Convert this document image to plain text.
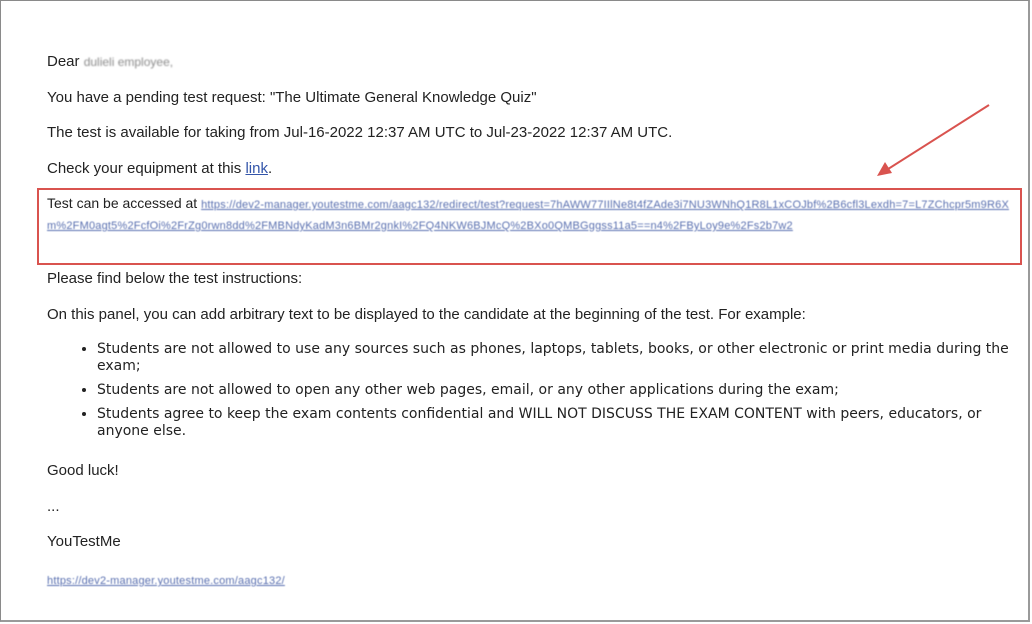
Dear dulieli employee,

You have a pending test request: "The Ultimate General Knowledge Quiz"

The test is available for taking from Jul-16-2022 12:37 AM UTC to Jul-23-2022 12:37 AM UTC.

Check your equipment at this link.

Test can be accessed at https://dev2-manager.youtestme.com/aagc132/redirect/test?request=7hAWW77IIlNe8t4fZAde3i7NU3WNhQ1R8L1xCOJbf%2B6cfl3Lexdh=7=L7ZChcpr5m9R6Xm%2FM0agt5%2FcfOi%2FrZg0rwn8dd%2FMBNdyKadM3n6BMr2gnkI%2FQ4NKW6BJMcQ%2BXo0QMBGggss11a5==n4%2FByLoy9e%2Fs2b7w2

Please find below the test instructions:

On this panel, you can add arbitrary text to be displayed to the candidate at the beginning of the test. For example:

• Students are not allowed to use any sources such as phones, laptops, tablets, books, or other electronic or print media during the exam;
• Students are not allowed to open any other web pages, email, or any other applications during the exam;
• Students agree to keep the exam contents confidential and WILL NOT DISCUSS THE EXAM CONTENT with peers, educators, or anyone else.

Good luck!

...

YouTestMe

https://dev2-manager.youtestme.com/aagc132/
